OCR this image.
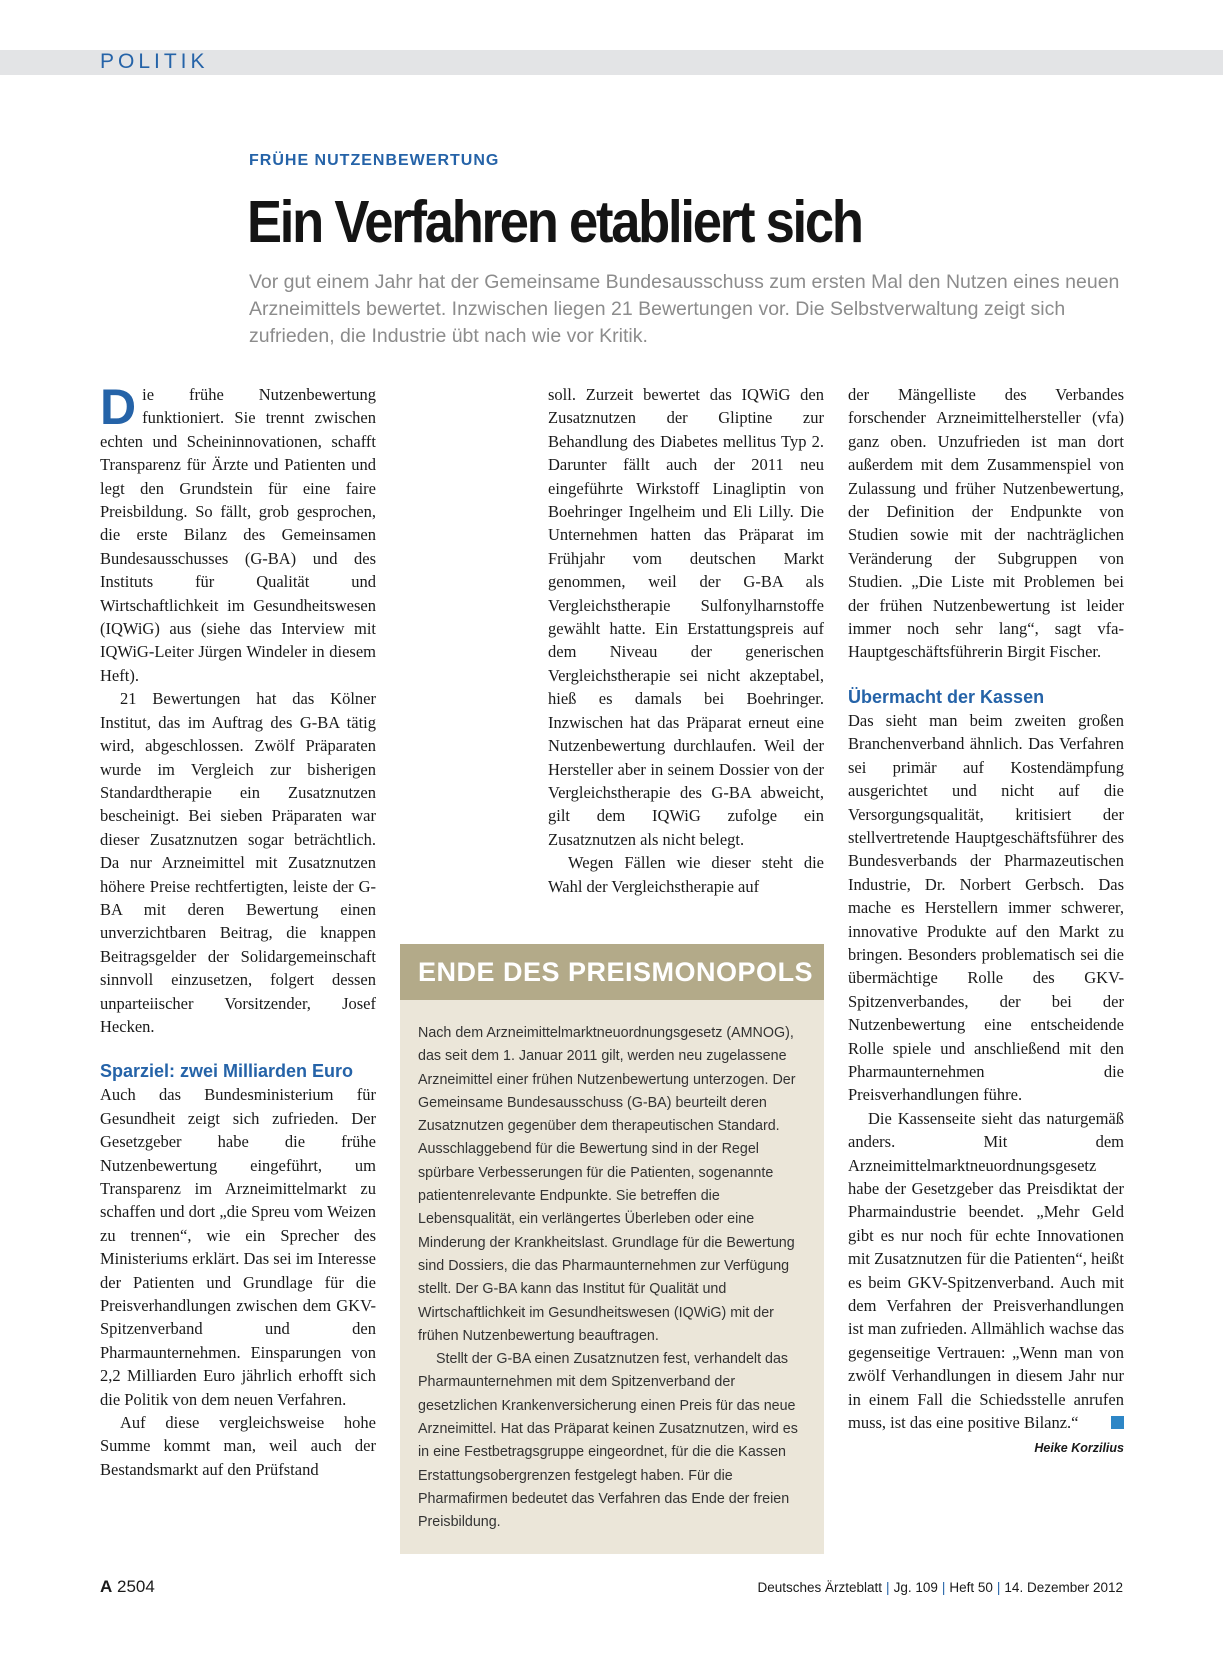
POLITIK
FRÜHE NUTZENBEWERTUNG
Ein Verfahren etabliert sich
Vor gut einem Jahr hat der Gemeinsame Bundesausschuss zum ersten Mal den Nutzen eines neuen Arzneimittels bewertet. Inzwischen liegen 21 Bewertungen vor. Die Selbstverwaltung zeigt sich zufrieden, die Industrie übt nach wie vor Kritik.

Die frühe Nutzenbewertung funktioniert. Sie trennt zwischen echten und Scheininnovationen, schafft Transparenz für Ärzte und Patienten und legt den Grundstein für eine faire Preisbildung. So fällt, grob gesprochen, die erste Bilanz des Gemeinsamen Bundesausschusses (G-BA) und des Instituts für Qualität und Wirtschaftlichkeit im Gesundheitswesen (IQWiG) aus (siehe das Interview mit IQWiG-Leiter Jürgen Windeler in diesem Heft).

21 Bewertungen hat das Kölner Institut, das im Auftrag des G-BA tätig wird, abgeschlossen. Zwölf Präparaten wurde im Vergleich zur bisherigen Standardtherapie ein Zusatznutzen bescheinigt. Bei sieben Präparaten war dieser Zusatznutzen sogar beträchtlich. Da nur Arzneimittel mit Zusatznutzen höhere Preise rechtfertigten, leiste der G-BA mit deren Bewertung einen unverzichtbaren Beitrag, die knappen Beitragsgelder der Solidargemeinschaft sinnvoll einzusetzen, folgert dessen unparteiischer Vorsitzender, Josef Hecken.

Sparziel: zwei Milliarden Euro

Auch das Bundesministerium für Gesundheit zeigt sich zufrieden. Der Gesetzgeber habe die frühe Nutzenbewertung eingeführt, um Transparenz im Arzneimittelmarkt zu schaffen und dort „die Spreu vom Weizen zu trennen“, wie ein Sprecher des Ministeriums erklärt. Das sei im Interesse der Patienten und Grundlage für die Preisverhandlungen zwischen dem GKV-Spitzenverband und den Pharmaunternehmen. Einsparungen von 2,2 Milliarden Euro jährlich erhofft sich die Politik von dem neuen Verfahren.

Auf diese vergleichsweise hohe Summe kommt man, weil auch der Bestandsmarkt auf den Prüfstand

soll. Zurzeit bewertet das IQWiG den Zusatznutzen der Gliptine zur Behandlung des Diabetes mellitus Typ 2. Darunter fällt auch der 2011 neu eingeführte Wirkstoff Linagliptin von Boehringer Ingelheim und Eli Lilly. Die Unternehmen hatten das Präparat im Frühjahr vom deutschen Markt genommen, weil der G-BA als Vergleichstherapie Sulfonylharnstoffe gewählt hatte. Ein Erstattungspreis auf dem Niveau der generischen Vergleichstherapie sei nicht akzeptabel, hieß es damals bei Boehringer. Inzwischen hat das Präparat erneut eine Nutzenbewertung durchlaufen. Weil der Hersteller aber in seinem Dossier von der Vergleichstherapie des G-BA abweicht, gilt dem IQWiG zufolge ein Zusatznutzen als nicht belegt.

Wegen Fällen wie dieser steht die Wahl der Vergleichstherapie auf

ENDE DES PREISMONOPOLS

Nach dem Arzneimittelmarktneuordnungsgesetz (AMNOG), das seit dem 1. Januar 2011 gilt, werden neu zugelassene Arzneimittel einer frühen Nutzenbewertung unterzogen. Der Gemeinsame Bundesausschuss (G-BA) beurteilt deren Zusatznutzen gegenüber dem therapeutischen Standard. Ausschlaggebend für die Bewertung sind in der Regel spürbare Verbesserungen für die Patienten, sogenannte patientenrelevante Endpunkte. Sie betreffen die Lebensqualität, ein verlängertes Überleben oder eine Minderung der Krankheitslast. Grundlage für die Bewertung sind Dossiers, die das Pharmaunternehmen zur Verfügung stellt. Der G-BA kann das Institut für Qualität und Wirtschaftlichkeit im Gesundheitswesen (IQWiG) mit der frühen Nutzenbewertung beauftragen.

Stellt der G-BA einen Zusatznutzen fest, verhandelt das Pharmaunternehmen mit dem Spitzenverband der gesetzlichen Krankenversicherung einen Preis für das neue Arzneimittel. Hat das Präparat keinen Zusatznutzen, wird es in eine Festbetragsgruppe eingeordnet, für die die Kassen Erstattungsobergrenzen festgelegt haben. Für die Pharmafirmen bedeutet das Verfahren das Ende der freien Preisbildung.

der Mängelliste des Verbandes forschender Arzneimittelhersteller (vfa) ganz oben. Unzufrieden ist man dort außerdem mit dem Zusammenspiel von Zulassung und früher Nutzenbewertung, der Definition der Endpunkte von Studien sowie mit der nachträglichen Veränderung der Subgruppen von Studien. „Die Liste mit Problemen bei der frühen Nutzenbewertung ist leider immer noch sehr lang“, sagt vfa-Hauptgeschäftsführerin Birgit Fischer.

Übermacht der Kassen

Das sieht man beim zweiten großen Branchenverband ähnlich. Das Verfahren sei primär auf Kostendämpfung ausgerichtet und nicht auf die Versorgungsqualität, kritisiert der stellvertretende Hauptgeschäftsführer des Bundesverbands der Pharmazeutischen Industrie, Dr. Norbert Gerbsch. Das mache es Herstellern immer schwerer, innovative Produkte auf den Markt zu bringen. Besonders problematisch sei die übermächtige Rolle des GKV-Spitzenverbandes, der bei der Nutzenbewertung eine entscheidende Rolle spiele und anschließend mit den Pharmaunternehmen die Preisverhandlungen führe.

Die Kassenseite sieht das naturgemäß anders. Mit dem Arzneimittelmarktneuordnungsgesetz habe der Gesetzgeber das Preisdiktat der Pharmaindustrie beendet. „Mehr Geld gibt es nur noch für echte Innovationen mit Zusatznutzen für die Patienten“, heißt es beim GKV-Spitzenverband. Auch mit dem Verfahren der Preisverhandlungen ist man zufrieden. Allmählich wachse das gegenseitige Vertrauen: „Wenn man von zwölf Verhandlungen in diesem Jahr nur in einem Fall die Schiedsstelle anrufen muss, ist das eine positive Bilanz.“

Heike Korzilius
A 2504	Deutsches Ärzteblatt | Jg. 109 | Heft 50 | 14. Dezember 2012
